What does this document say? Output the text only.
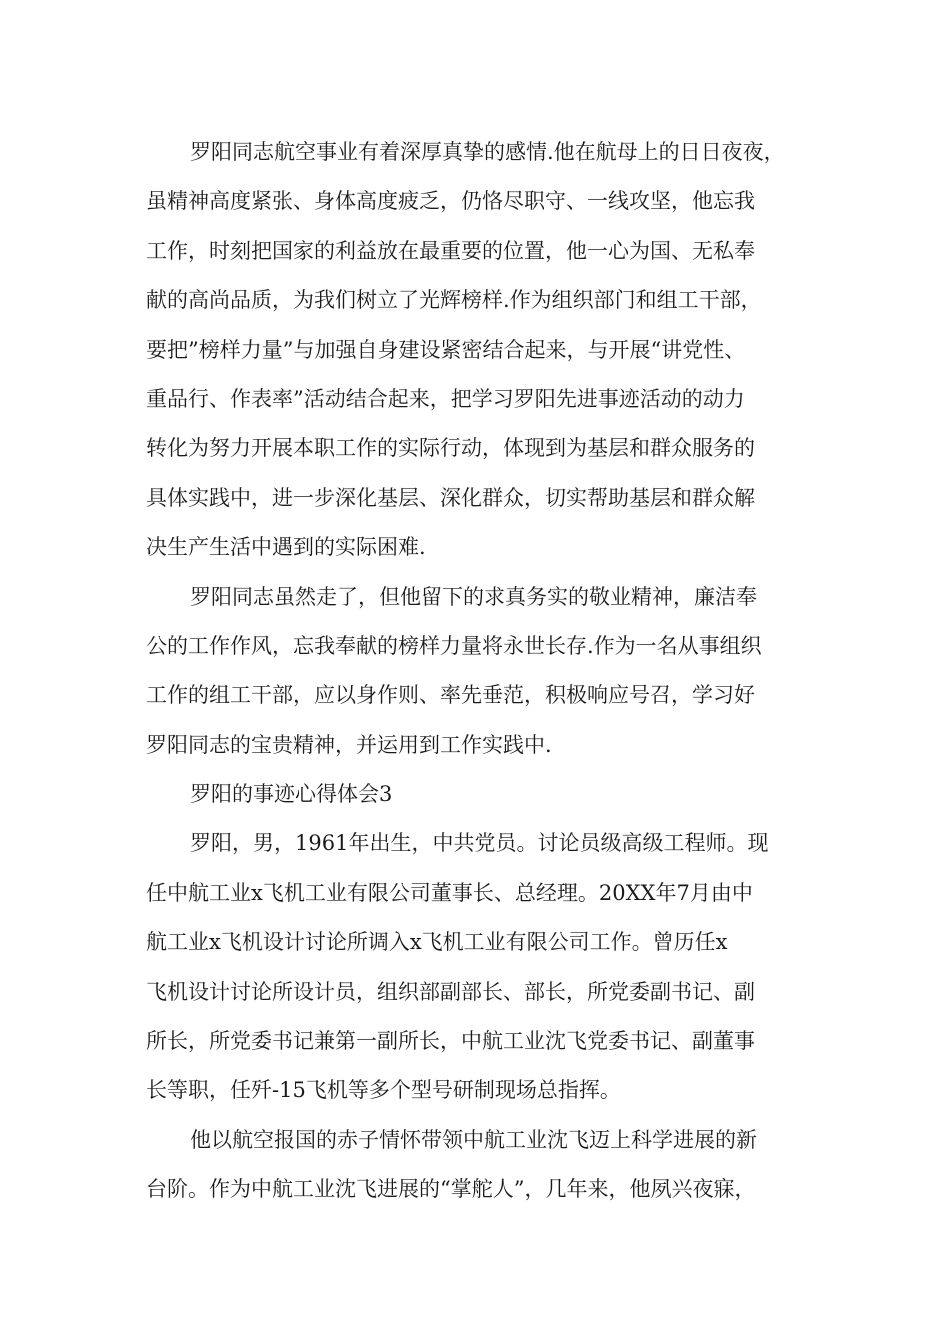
罗阳同志航空事业有着深厚真挚的感情.他在航母上的日日夜夜，
虽精神高度紧张、身体高度疲乏，仍恪尽职守、一线攻坚，他忘我
工作，时刻把国家的利益放在最重要的位置，他一心为国、无私奉
献的高尚品质，为我们树立了光辉榜样.作为组织部门和组工干部，
要把”榜样力量”与加强自身建设紧密结合起来，与开展“讲党性、
重品行、作表率”活动结合起来，把学习罗阳先进事迹活动的动力
转化为努力开展本职工作的实际行动，体现到为基层和群众服务的
具体实践中，进一步深化基层、深化群众，切实帮助基层和群众解
决生产生活中遇到的实际困难.
罗阳同志虽然走了，但他留下的求真务实的敬业精神，廉洁奉
公的工作作风，忘我奉献的榜样力量将永世长存.作为一名从事组织
工作的组工干部，应以身作则、率先垂范，积极响应号召，学习好
罗阳同志的宝贵精神，并运用到工作实践中.
罗阳的事迹心得体会3
罗阳，男，1961年出生，中共党员。讨论员级高级工程师。现
任中航工业x飞机工业有限公司董事长、总经理。20XX年7月由中
航工业x飞机设计讨论所调入x飞机工业有限公司工作。曾历任x
飞机设计讨论所设计员，组织部副部长、部长，所党委副书记、副
所长，所党委书记兼第一副所长，中航工业沈飞党委书记、副董事
长等职，任歼-15飞机等多个型号研制现场总指挥。
他以航空报国的赤子情怀带领中航工业沈飞迈上科学进展的新
台阶。作为中航工业沈飞进展的“掌舵人”，几年来，他夙兴夜寐，
